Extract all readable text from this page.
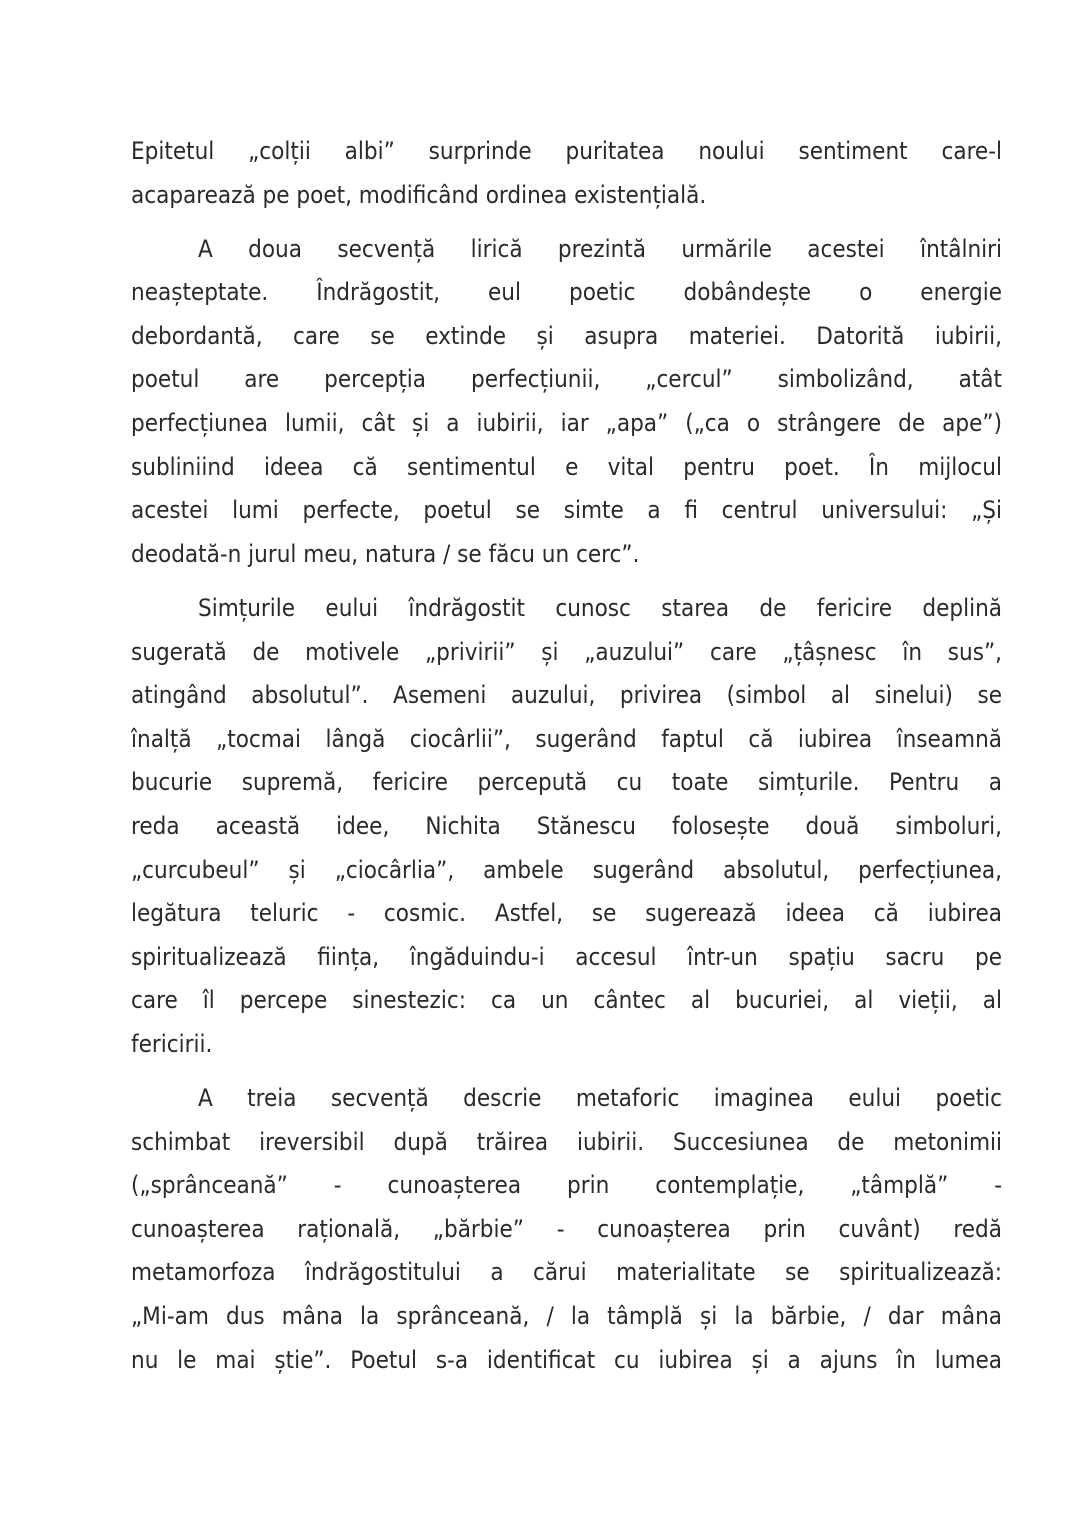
Epitetul „colții albi” surprinde puritatea noului sentiment care-l
acaparează pe poet, modificând ordinea existențială.
A doua secvență lirică prezintă urmările acestei întâlniri
neașteptate. Îndrăgostit, eul poetic dobândește o energie
debordantă, care se extinde și asupra materiei. Datorită iubirii,
poetul are percepția perfecțiunii, „cercul” simbolizând, atât
perfecțiunea lumii, cât și a iubirii, iar „apa” („ca o strângere de ape”)
subliniind ideea că sentimentul e vital pentru poet. În mijlocul
acestei lumi perfecte, poetul se simte a fi centrul universului: „Și
deodată-n jurul meu, natura / se făcu un cerc”.
Simțurile eului îndrăgostit cunosc starea de fericire deplină
sugerată de motivele „privirii” și „auzului” care „țâșnesc în sus”,
atingând absolutul”. Asemeni auzului, privirea (simbol al sinelui) se
înalță „tocmai lângă ciocârlii”, sugerând faptul că iubirea înseamnă
bucurie supremă, fericire percepută cu toate simțurile. Pentru a
reda această idee, Nichita Stănescu folosește două simboluri,
„curcubeul” și „ciocârlia”, ambele sugerând absolutul, perfecțiunea,
legătura teluric - cosmic. Astfel, se sugerează ideea că iubirea
spiritualizează ființa, îngăduindu-i accesul într-un spațiu sacru pe
care îl percepe sinestezic: ca un cântec al bucuriei, al vieții, al
fericirii.
A treia secvență descrie metaforic imaginea eului poetic
schimbat ireversibil după trăirea iubirii. Succesiunea de metonimii
(„sprânceană” - cunoașterea prin contemplație, „tâmplă” -
cunoașterea rațională, „bărbie” - cunoașterea prin cuvânt) redă
metamorfoza îndrăgostitului a cărui materialitate se spiritualizează:
„Mi-am dus mâna la sprânceană, / la tâmplă și la bărbie, / dar mâna
nu le mai știe”. Poetul s-a identificat cu iubirea și a ajuns în lumea
